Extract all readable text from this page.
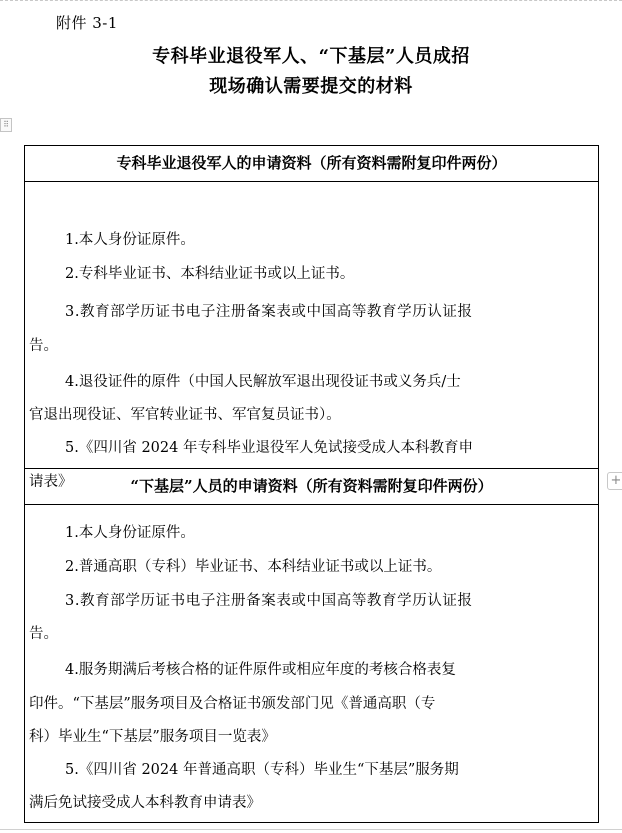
附件 3-1
专科毕业退役军人、“下基层”人员成招
现场确认需要提交的材料
⠿
+
专科毕业退役军人的申请资料（所有资料需附复印件两份）
1.本人身份证原件。
2.专科毕业证书、本科结业证书或以上证书。
3.教育部学历证书电子注册备案表或中国高等教育学历认证报
告。
4.退役证件的原件（中国人民解放军退出现役证书或义务兵/士
官退出现役证、军官转业证书、军官复员证书）。
5.《四川省 2024 年专科毕业退役军人免试接受成人本科教育申
请表》	“下基层”人员的申请资料（所有资料需附复印件两份）
1.本人身份证原件。
2.普通高职（专科）毕业证书、本科结业证书或以上证书。
3.教育部学历证书电子注册备案表或中国高等教育学历认证报
告。
4.服务期满后考核合格的证件原件或相应年度的考核合格表复
印件。“下基层”服务项目及合格证书颁发部门见《普通高职（专
科）毕业生“下基层”服务项目一览表》
5.《四川省 2024 年普通高职（专科）毕业生“下基层”服务期
满后免试接受成人本科教育申请表》
